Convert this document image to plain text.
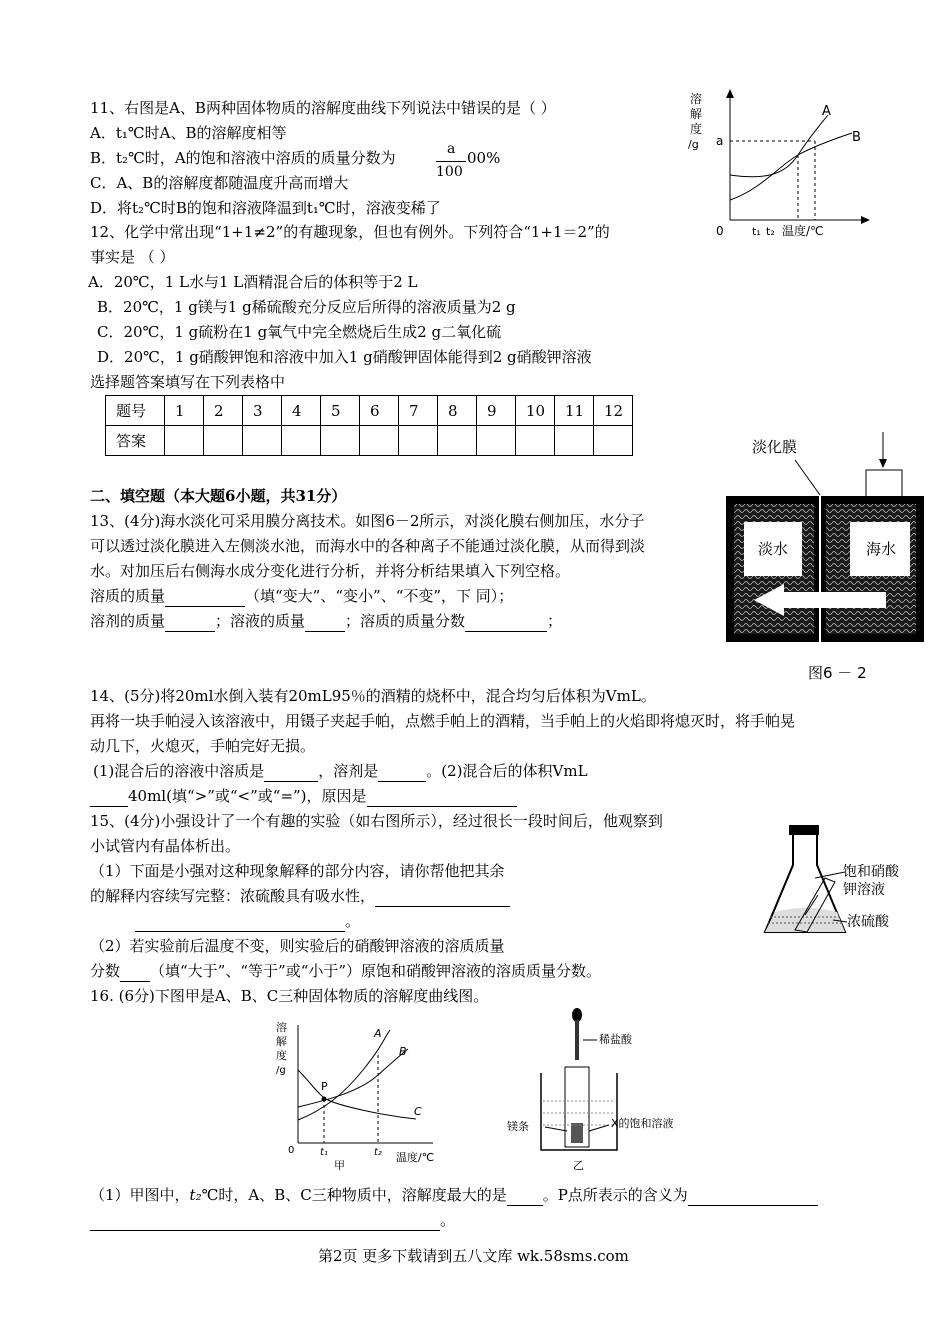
11、右图是A、B两种固体物质的溶解度曲线下列说法中错误的是（ ）
A．t₁℃时A、B的溶解度相等
B．t₂℃时，A的饱和溶液中溶质的质量分数为	a
100
00%
C．A、B的溶解度都随温度升高而增大
D．将t₂℃时B的饱和溶液降温到t₁℃时，溶液变稀了
溶
解
度
/g a
A
B
0	t₁ t₂ 温度/℃
12、化学中常出现“1+1≠2”的有趣现象，但也有例外。下列符合“1+1＝2”的
事实是 （ ）
A．20℃，1 L水与1 L酒精混合后的体积等于2 L
B．20℃，1 g镁与1 g稀硫酸充分反应后所得的溶液质量为2 g
C．20℃，1 g硫粉在1 g氧气中完全燃烧后生成2 g二氧化硫
D．20℃，1 g硝酸钾饱和溶液中加入1 g硝酸钾固体能得到2 g硝酸钾溶液
选择题答案填写在下列表格中
题号	1	2	3	4	5	6	7	8	9	10	11	12
答案												
二、填空题（本大题6小题，共31分）
13、(4分)海水淡化可采用膜分离技术。如图6－2所示，对淡化膜右侧加压，水分子
可以透过淡化膜进入左侧淡水池，而海水中的各种离子不能通过淡化膜，从而得到淡
水。对加压后右侧海水成分变化进行分析，并将分析结果填入下列空格。
溶质的质量	（填“变大”、“变小”、“不变”，下 同）；
溶剂的质量	；溶液的质量	；溶质的质量分数	；
淡化膜
淡水	海水
图6 － 2
14、(5分)将20ml水倒入装有20mL95％的酒精的烧杯中，混合均匀后体积为VmL。
再将一块手帕浸入该溶液中，用镊子夹起手帕，点燃手帕上的酒精，当手帕上的火焰即将熄灭时，将手帕晃
动几下，火熄灭，手帕完好无损。
(1)混合后的溶液中溶质是	，溶剂是	。(2)混合后的体积VmL
40ml(填“>”或“<”或“=”)，原因是
15、(4分)小强设计了一个有趣的实验（如右图所示），经过很长一段时间后，他观察到
小试管内有晶体析出。
（1）下面是小强对这种现象解释的部分内容，请你帮他把其余
的解释内容续写完整：浓硫酸具有吸水性，
。
（2）若实验前后温度不变，则实验后的硝酸钾溶液的溶质质量
分数 （填“大于”、“等于”或“小于”）原饱和硝酸钾溶液的溶质质量分数。
饱和硝酸
钾溶液
浓硫酸
16. (6分)下图甲是A、B、C三种固体物质的溶解度曲线图。
溶
解
度
/g
P
A
B
C
0	t₁	t₂ 温度/℃
甲
稀盐酸
镁条	X的饱和溶液
乙
（1）甲图中，t₂℃时，A、B、C三种物质中，溶解度最大的是 。P点所表示的含义为
。
第2页 更多下载请到五八文库 wk.58sms.com
